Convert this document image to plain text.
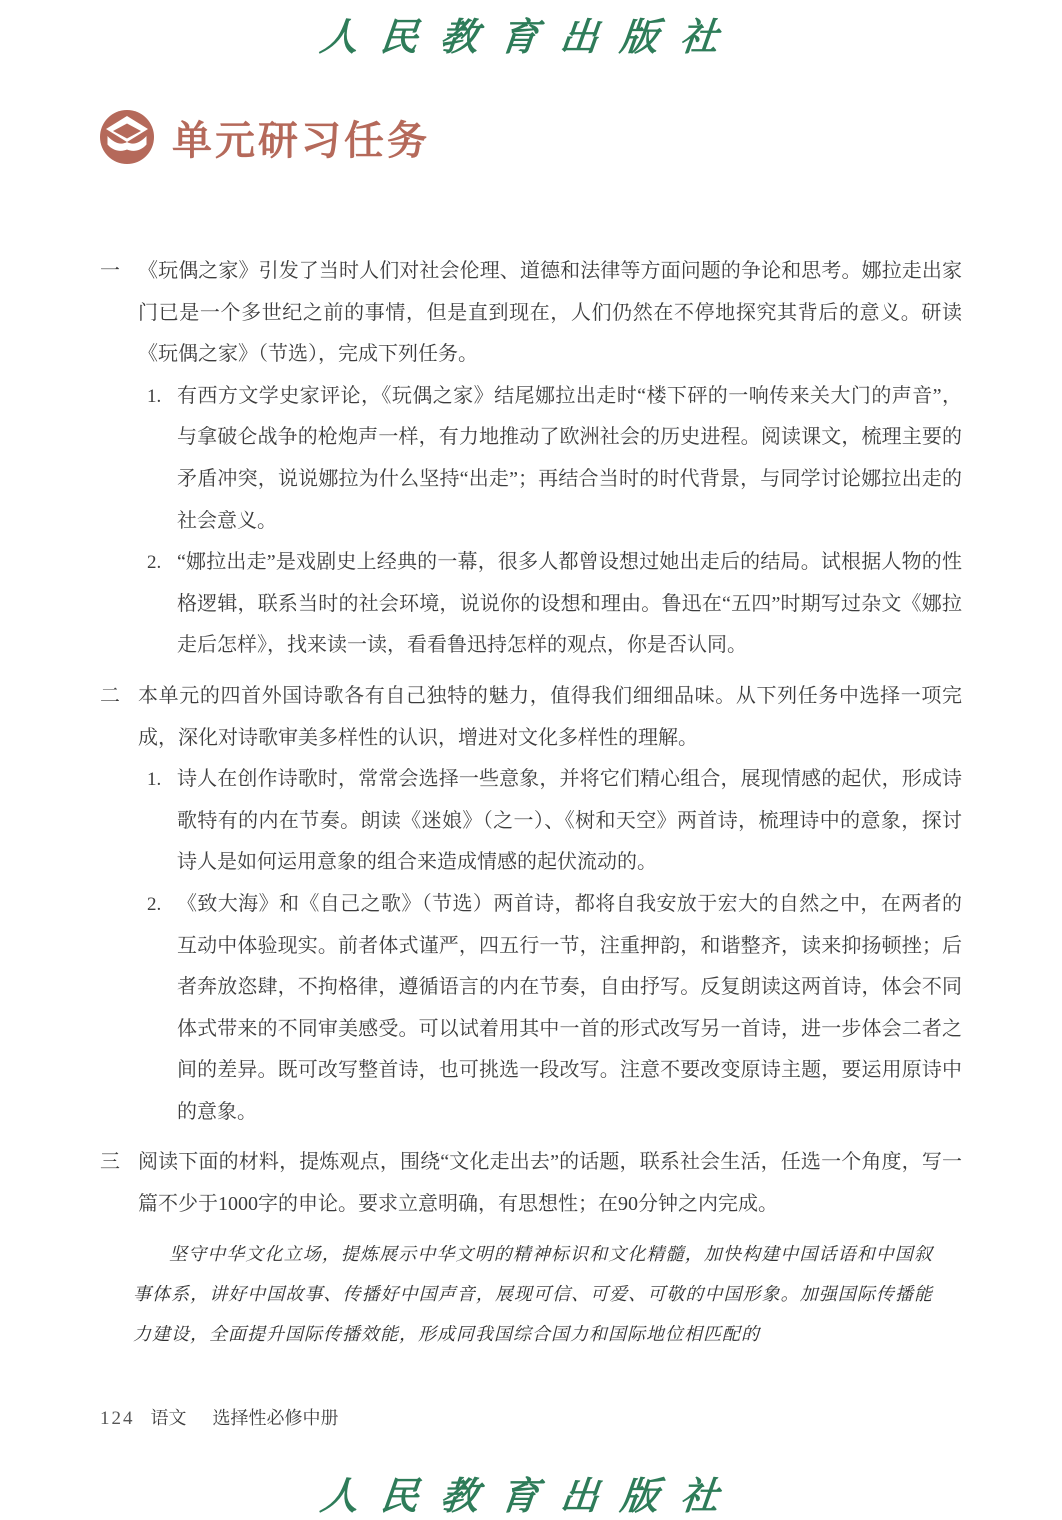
人民教育出版社
单元研习任务
一 《玩偶之家》引发了当时人们对社会伦理、道德和法律等方面问题的争论和思考。娜拉走出家门已是一个多世纪之前的事情，但是直到现在，人们仍然在不停地探究其背后的意义。研读《玩偶之家》（节选），完成下列任务。

1. 有西方文学史家评论，《玩偶之家》结尾娜拉出走时“楼下砰的一响传来关大门的声音”，与拿破仑战争的枪炮声一样，有力地推动了欧洲社会的历史进程。阅读课文，梳理主要的矛盾冲突，说说娜拉为什么坚持“出走”；再结合当时的时代背景，与同学讨论娜拉出走的社会意义。
2. “娜拉出走”是戏剧史上经典的一幕，很多人都曾设想过她出走后的结局。试根据人物的性格逻辑，联系当时的社会环境，说说你的设想和理由。鲁迅在“五四”时期写过杂文《娜拉走后怎样》，找来读一读，看看鲁迅持怎样的观点，你是否认同。
二 本单元的四首外国诗歌各有自己独特的魅力，值得我们细细品味。从下列任务中选择一项完成，深化对诗歌审美多样性的认识，增进对文化多样性的理解。

1. 诗人在创作诗歌时，常常会选择一些意象，并将它们精心组合，展现情感的起伏，形成诗歌特有的内在节奏。朗读《迷娘》（之一）、《树和天空》两首诗，梳理诗中的意象，探讨诗人是如何运用意象的组合来造成情感的起伏流动的。
2. 《致大海》和《自己之歌》（节选）两首诗，都将自我安放于宏大的自然之中，在两者的互动中体验现实。前者体式谨严，四五行一节，注重押韵，和谐整齐，读来抑扬顿挫；后者奔放恣肆，不拘格律，遵循语言的内在节奏，自由抒写。反复朗读这两首诗，体会不同体式带来的不同审美感受。可以试着用其中一首的形式改写另一首诗，进一步体会二者之间的差异。既可改写整首诗，也可挑选一段改写。注意不要改变原诗主题，要运用原诗中的意象。
三 阅读下面的材料，提炼观点，围绕“文化走出去”的话题，联系社会生活，任选一个角度，写一篇不少于1000字的申论。要求立意明确，有思想性；在90分钟之内完成。

坚守中华文化立场，提炼展示中华文明的精神标识和文化精髓，加快构建中国话语和中国叙事体系，讲好中国故事、传播好中国声音，展现可信、可爱、可敬的中国形象。加强国际传播能力建设，全面提升国际传播效能，形成同我国综合国力和国际地位相匹配的

124 语文 选择性必修中册
人民教育出版社
